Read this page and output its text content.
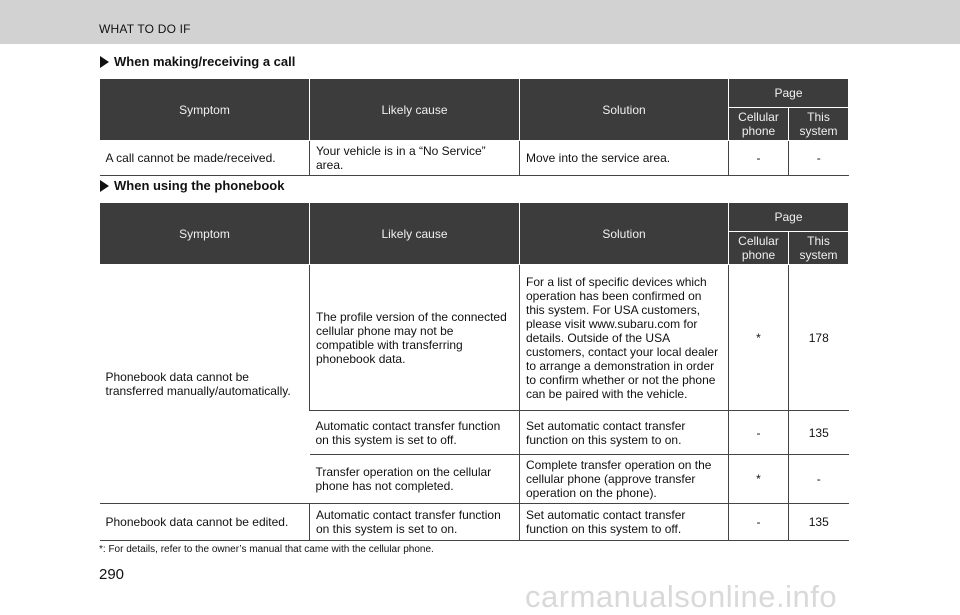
WHAT TO DO IF
When making/receiving a call
Symptom	Likely cause	Solution	Page	
			Cellular phone	This system
A call cannot be made/received.	Your vehicle is in a “No Service” area.	Move into the service area.	-	-
When using the phonebook
Symptom	Likely cause	Solution	Page	
			Cellular phone	This system
Phonebook data cannot be transferred manually/automatically.	The profile version of the connected cellular phone may not be compatible with transferring phonebook data.	For a list of specific devices which operation has been confirmed on this system. For USA customers, please visit www.subaru.com for details. Outside of the USA customers, contact your local dealer to arrange a demonstration in order to confirm whether or not the phone can be paired with the vehicle.	*	178
	Automatic contact transfer function on this system is set to off.	Set automatic contact transfer function on this system to on.	-	135
	Transfer operation on the cellular phone has not completed.	Complete transfer operation on the cellular phone (approve transfer operation on the phone).	*	-
Phonebook data cannot be edited.	Automatic contact transfer function on this system is set to on.	Set automatic contact transfer function on this system to off.	-	135
*: For details, refer to the owner’s manual that came with the cellular phone.
290
carmanualsonline.info
